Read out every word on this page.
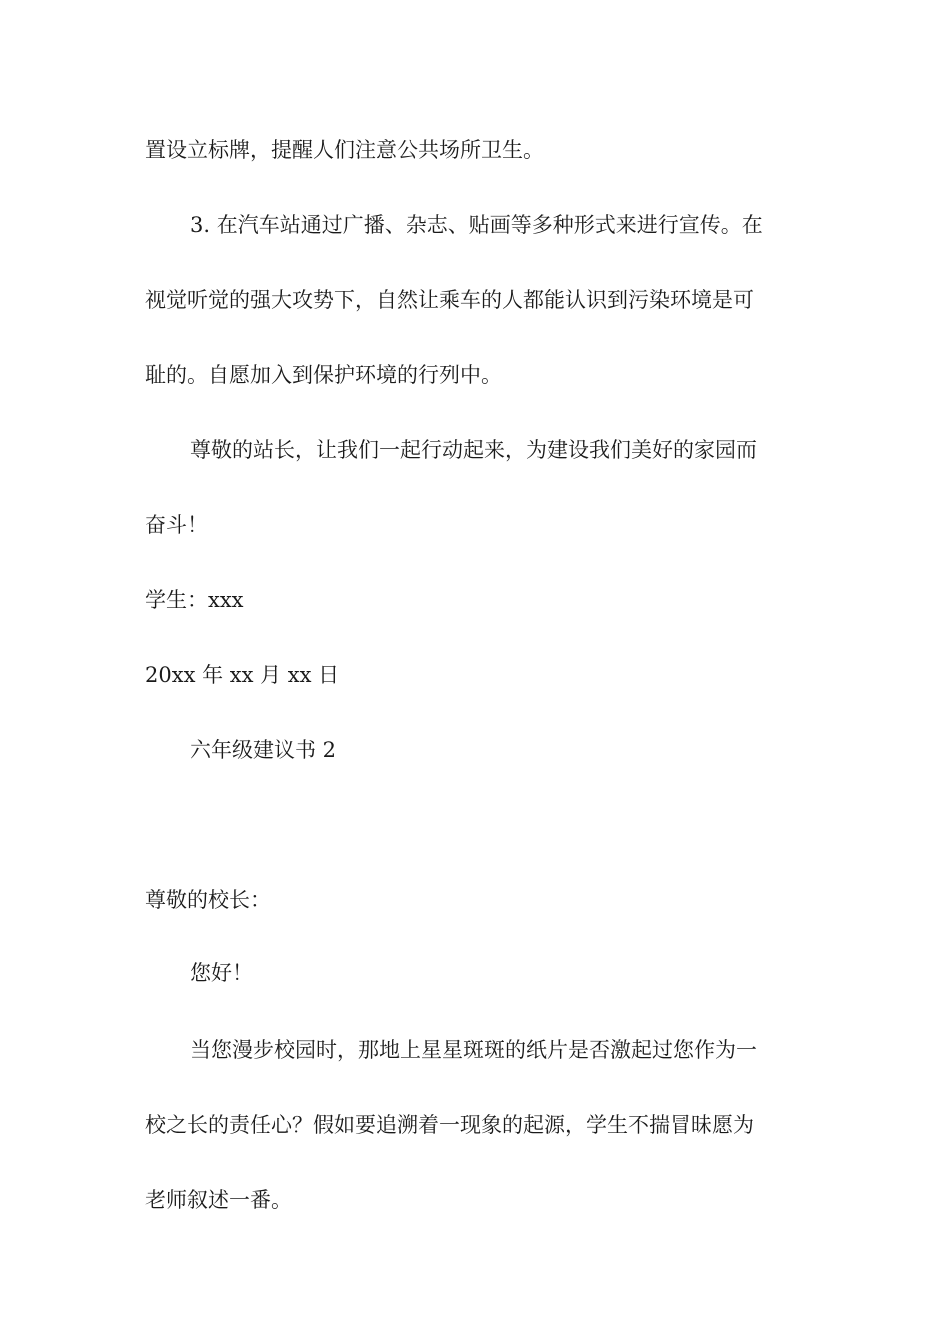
置设立标牌，提醒人们注意公共场所卫生。
3. 在汽车站通过广播、杂志、贴画等多种形式来进行宣传。在
视觉听觉的强大攻势下，自然让乘车的人都能认识到污染环境是可
耻的。自愿加入到保护环境的行列中。
尊敬的站长，让我们一起行动起来，为建设我们美好的家园而
奋斗！
学生：xxx
20xx 年 xx 月 xx 日
六年级建议书 2
尊敬的校长：
您好！
当您漫步校园时，那地上星星斑斑的纸片是否激起过您作为一
校之长的责任心？假如要追溯着一现象的起源，学生不揣冒昧愿为
老师叙述一番。
